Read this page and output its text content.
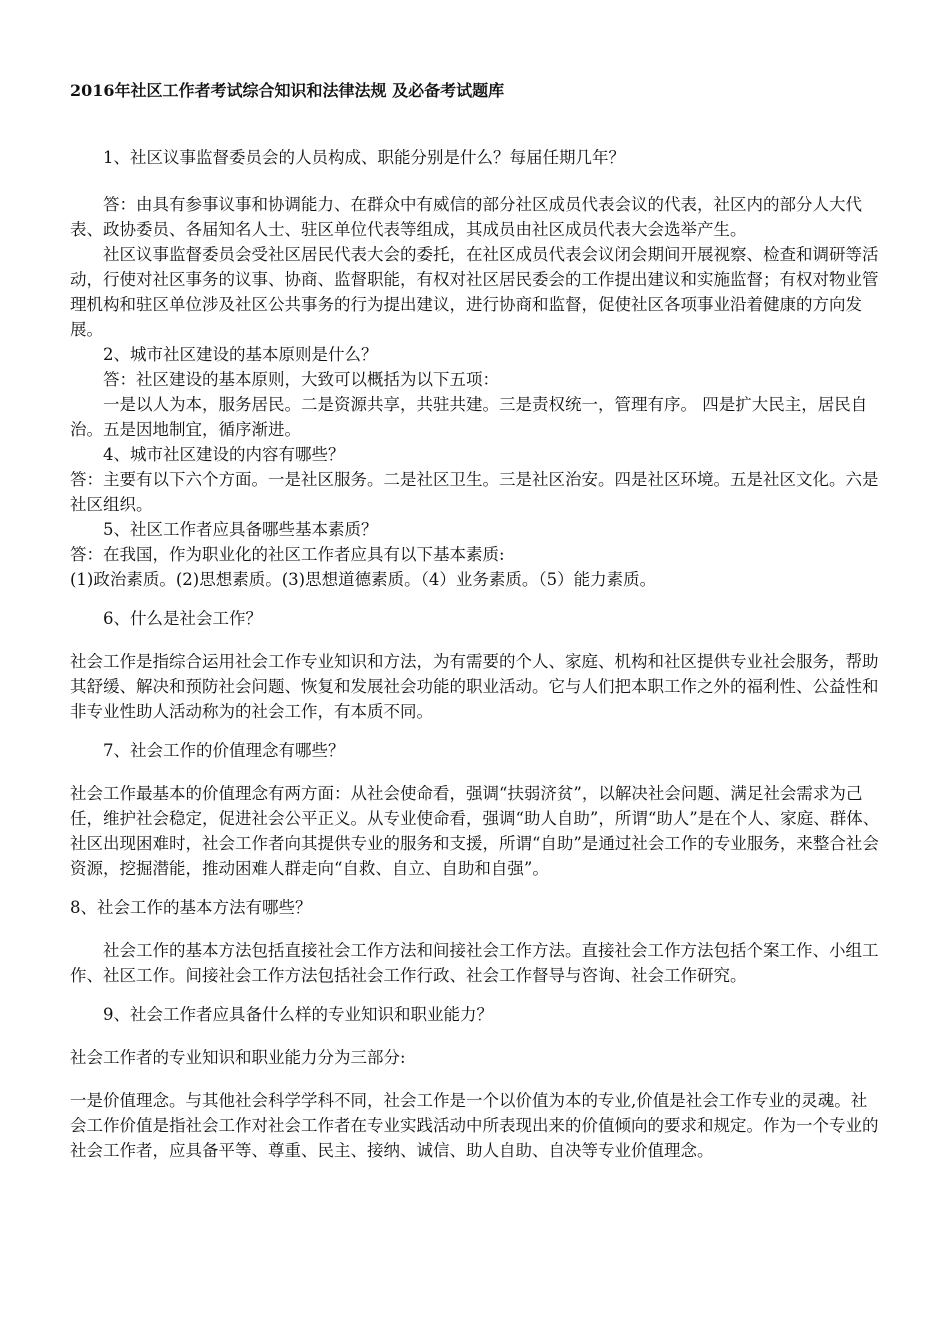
2016年社区工作者考试综合知识和法律法规 及必备考试题库

1、社区议事监督委员会的人员构成、职能分别是什么？每届任期几年？

答：由具有参事议事和协调能力、在群众中有威信的部分社区成员代表会议的代表，社区内的部分人大代表、政协委员、各届知名人士、驻区单位代表等组成，其成员由社区成员代表大会选举产生。

社区议事监督委员会受社区居民代表大会的委托，在社区成员代表会议闭会期间开展视察、检查和调研等活动，行使对社区事务的议事、协商、监督职能，有权对社区居民委会的工作提出建议和实施监督；有权对物业管理机构和驻区单位涉及社区公共事务的行为提出建议，进行协商和监督，促使社区各项事业沿着健康的方向发展。

2、城市社区建设的基本原则是什么？

答：社区建设的基本原则，大致可以概括为以下五项：

一是以人为本，服务居民。二是资源共享，共驻共建。三是责权统一，管理有序。 四是扩大民主，居民自治。五是因地制宜，循序渐进。

4、城市社区建设的内容有哪些？

答：主要有以下六个方面。一是社区服务。二是社区卫生。三是社区治安。四是社区环境。五是社区文化。六是社区组织。

5、社区工作者应具备哪些基本素质？

答：在我国，作为职业化的社区工作者应具有以下基本素质:

(1)政治素质。(2)思想素质。(3)思想道德素质。（4）业务素质。（5）能力素质。

6、什么是社会工作？

社会工作是指综合运用社会工作专业知识和方法，为有需要的个人、家庭、机构和社区提供专业社会服务，帮助其舒缓、解决和预防社会问题、恢复和发展社会功能的职业活动。它与人们把本职工作之外的福利性、公益性和非专业性助人活动称为的社会工作，有本质不同。

7、社会工作的价值理念有哪些？

社会工作最基本的价值理念有两方面：从社会使命看，强调“扶弱济贫”，以解决社会问题、满足社会需求为己任，维护社会稳定，促进社会公平正义。从专业使命看，强调“助人自助”，所谓“助人”是在个人、家庭、群体、社区出现困难时，社会工作者向其提供专业的服务和支援，所谓“自助”是通过社会工作的专业服务，来整合社会资源，挖掘潜能，推动困难人群走向“自救、自立、自助和自强”。

8、社会工作的基本方法有哪些？

社会工作的基本方法包括直接社会工作方法和间接社会工作方法。直接社会工作方法包括个案工作、小组工作、社区工作。间接社会工作方法包括社会工作行政、社会工作督导与咨询、社会工作研究。

9、社会工作者应具备什么样的专业知识和职业能力？

社会工作者的专业知识和职业能力分为三部分:

一是价值理念。与其他社会科学学科不同，社会工作是一个以价值为本的专业,价值是社会工作专业的灵魂。社会工作价值是指社会工作对社会工作者在专业实践活动中所表现出来的价值倾向的要求和规定。作为一个专业的社会工作者，应具备平等、尊重、民主、接纳、诚信、助人自助、自决等专业价值理念。
